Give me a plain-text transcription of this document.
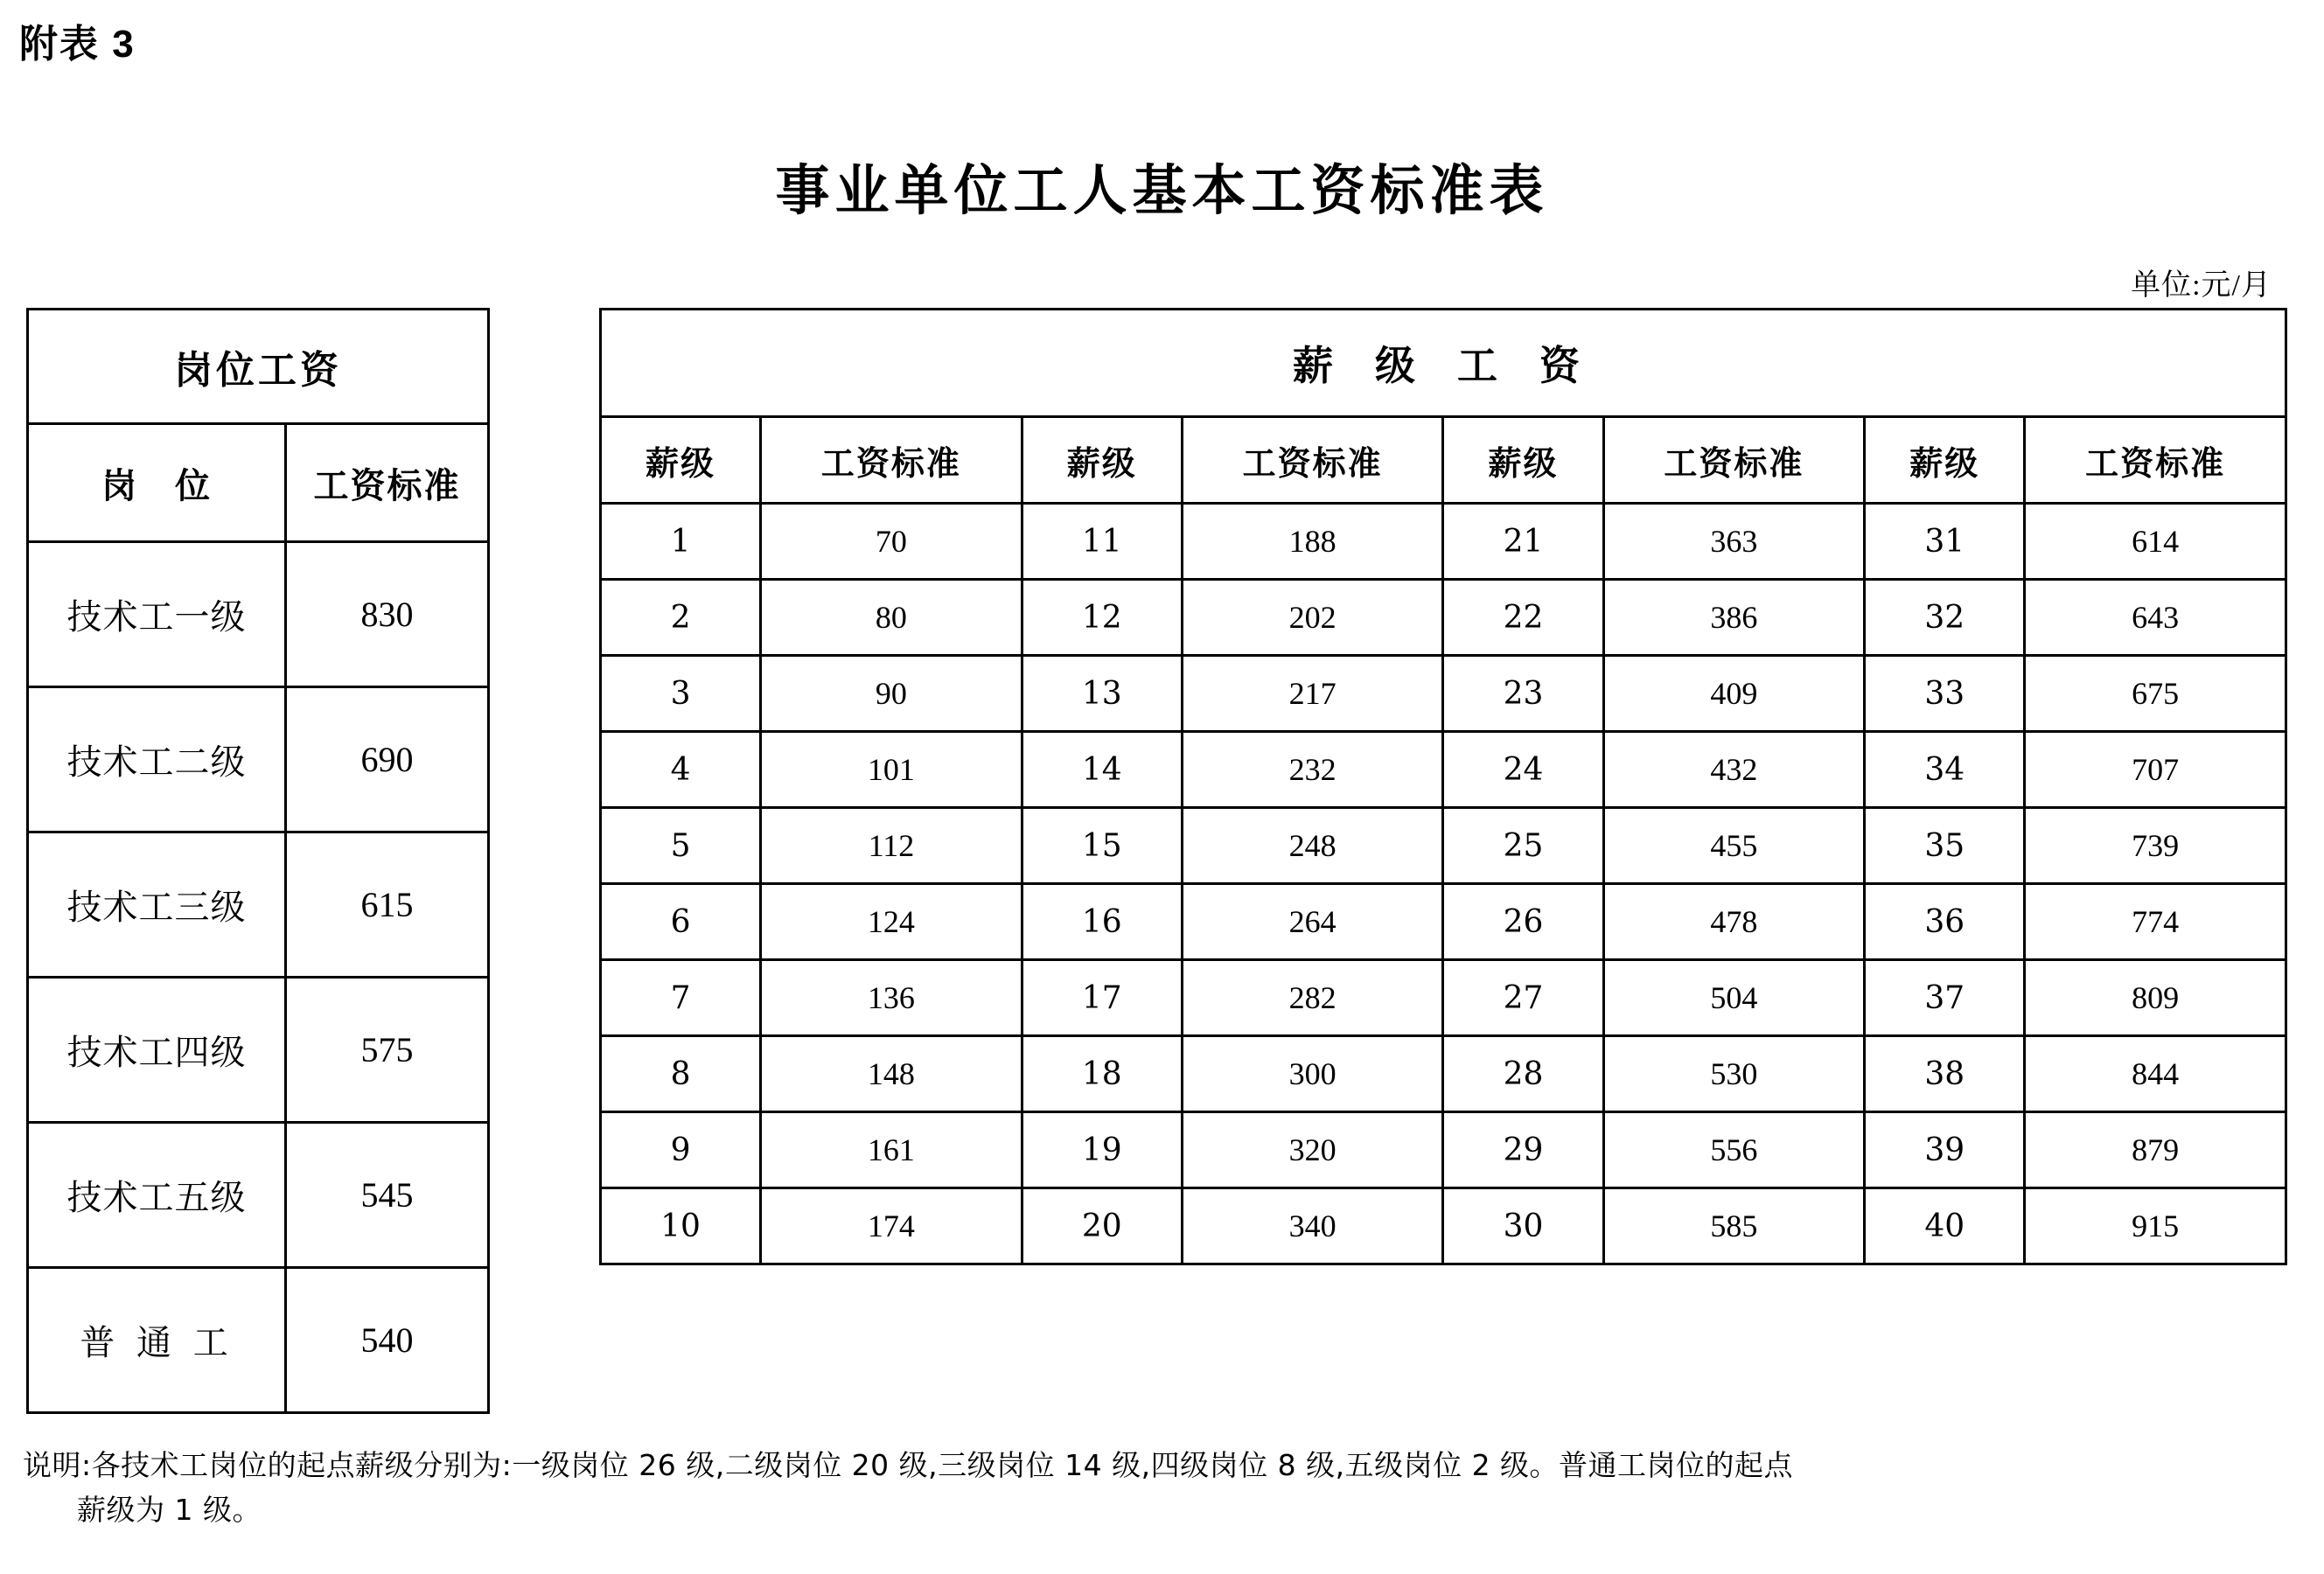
附表 3
事业单位工人基本工资标准表
单位:元/月
岗位工资	
岗　位	工资标准
技术工一级	830
技术工二级	690
技术工三级	615
技术工四级	575
技术工五级	545
普 通 工	540
薪 级 工 资							
薪级	工资标准	薪级	工资标准	薪级	工资标准	薪级	工资标准
1	70	11	188	21	363	31	614
2	80	12	202	22	386	32	643
3	90	13	217	23	409	33	675
4	101	14	232	24	432	34	707
5	112	15	248	25	455	35	739
6	124	16	264	26	478	36	774
7	136	17	282	27	504	37	809
8	148	18	300	28	530	38	844
9	161	19	320	29	556	39	879
10	174	20	340	30	585	40	915
说明:各技术工岗位的起点薪级分别为:一级岗位 26 级,二级岗位 20 级,三级岗位 14 级,四级岗位 8 级,五级岗位 2 级。普通工岗位的起点
薪级为 1 级。
